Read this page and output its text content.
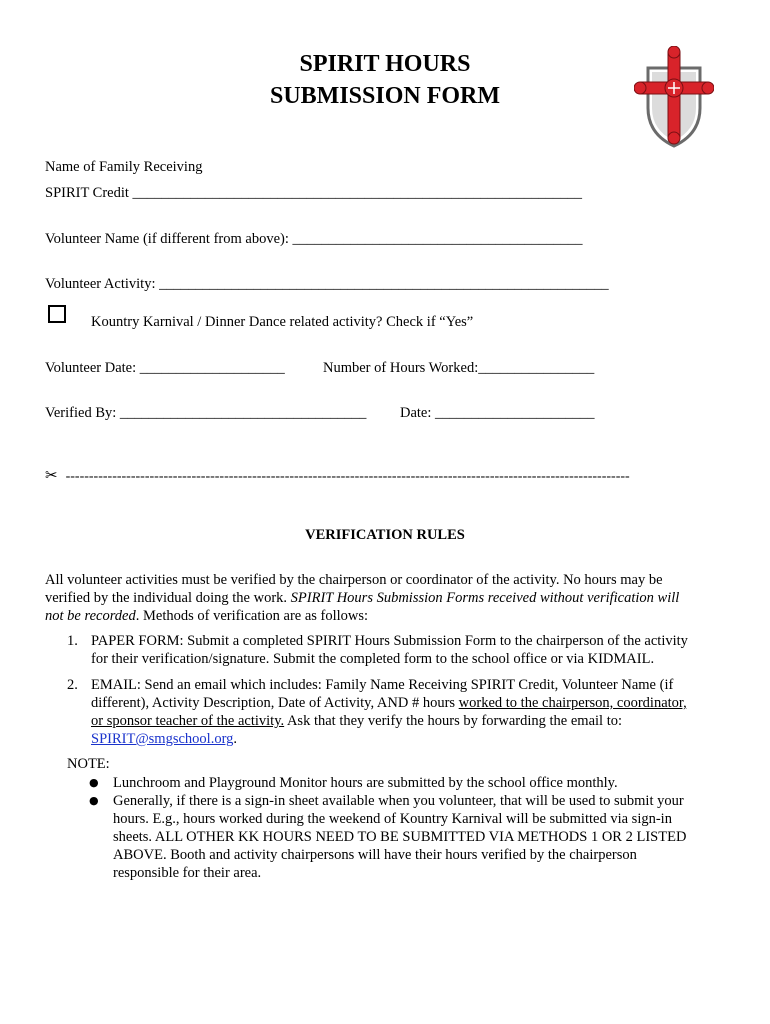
SPIRIT HOURS
SUBMISSION FORM
Name of Family Receiving
SPIRIT Credit ______________________________________________________________
Volunteer Name (if different from above): ________________________________________
Volunteer Activity: ______________________________________________________________
Kountry Karnival / Dinner Dance related activity? Check if “Yes”
Volunteer Date: ____________________	Number of Hours Worked:________________
Verified By: __________________________________ Date: ______________________
✂ -------------------------------------------------------------------------------------------------------------------------
VERIFICATION RULES
All volunteer activities must be verified by the chairperson or coordinator of the activity. No hours may be
verified by the individual doing the work. SPIRIT Hours Submission Forms received without verification will
not be recorded. Methods of verification are as follows:
1. PAPER FORM: Submit a completed SPIRIT Hours Submission Form to the chairperson of the activity
for their verification/signature. Submit the completed form to the school office or via KIDMAIL.
2. EMAIL: Send an email which includes: Family Name Receiving SPIRIT Credit, Volunteer Name (if
different), Activity Description, Date of Activity, AND # hours worked to the chairperson, coordinator,
or sponsor teacher of the activity. Ask that they verify the hours by forwarding the email to:
SPIRIT@smgschool.org.
NOTE:
● Lunchroom and Playground Monitor hours are submitted by the school office monthly.
● Generally, if there is a sign-in sheet available when you volunteer, that will be used to submit your
hours. E.g., hours worked during the weekend of Kountry Karnival will be submitted via sign-in
sheets. ALL OTHER KK HOURS NEED TO BE SUBMITTED VIA METHODS 1 OR 2 LISTED
ABOVE. Booth and activity chairpersons will have their hours verified by the chairperson
responsible for their area.
